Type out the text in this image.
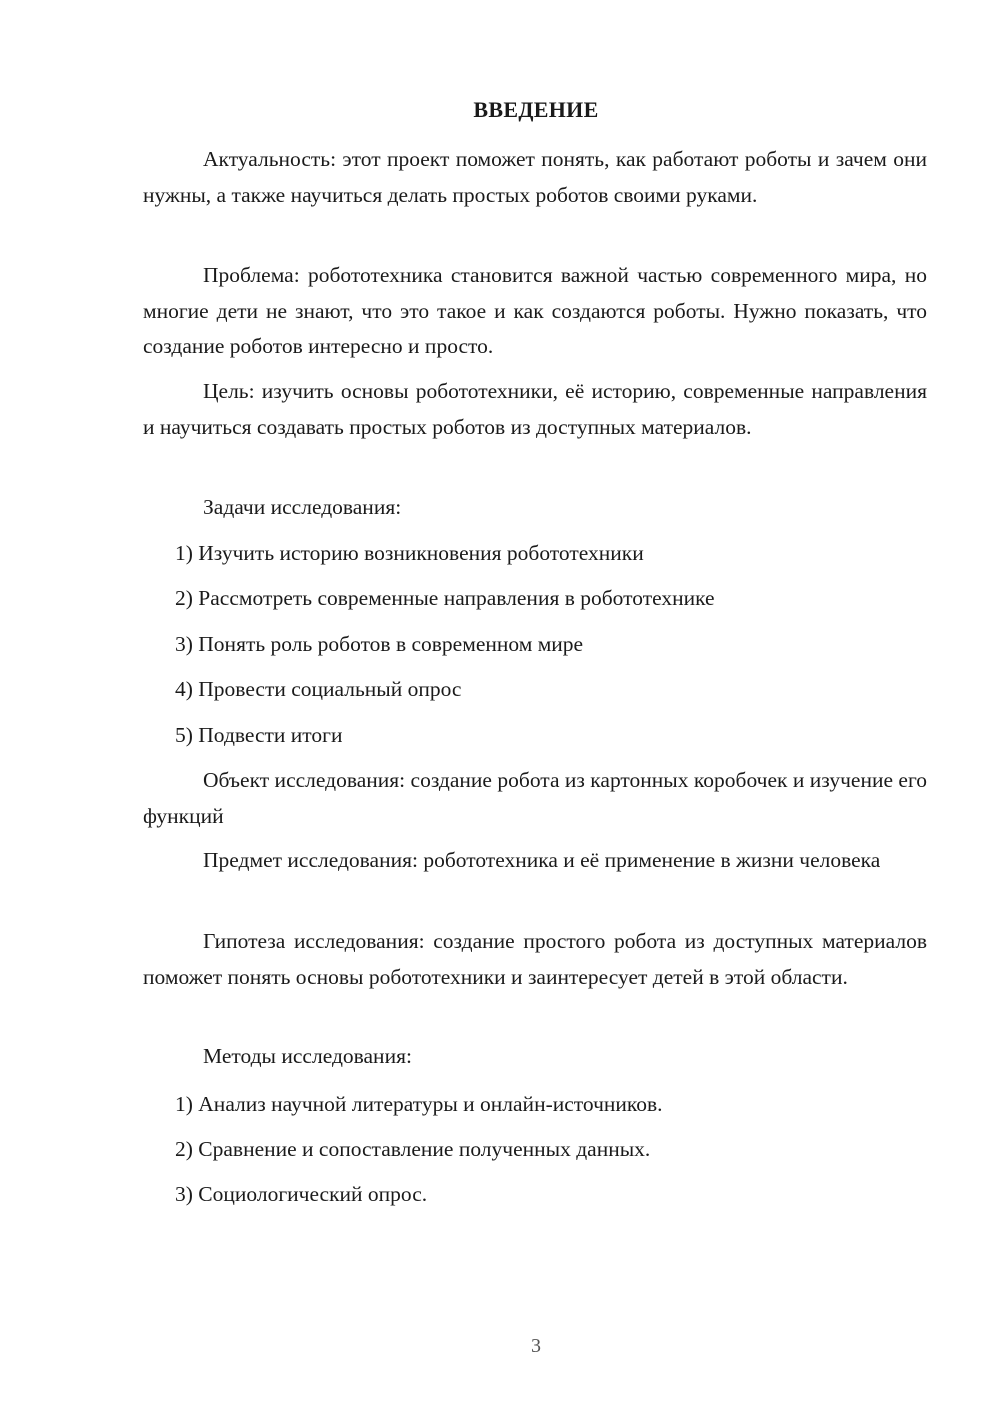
ВВЕДЕНИЕ
Актуальность: этот проект поможет понять, как работают роботы и зачем они нужны, а также научиться делать простых роботов своими руками.
Проблема: робототехника становится важной частью современного мира, но многие дети не знают, что это такое и как создаются роботы. Нужно показать, что создание роботов интересно и просто.
Цель: изучить основы робототехники, её историю, современные направления и научиться создавать простых роботов из доступных материалов.
Задачи исследования:
1) Изучить историю возникновения робототехники
2) Рассмотреть современные направления в робототехнике
3) Понять роль роботов в современном мире
4) Провести социальный опрос
5) Подвести итоги
Объект исследования: создание робота из картонных коробочек и изучение его функций
Предмет исследования: робототехника и её применение в жизни человека
Гипотеза исследования: создание простого робота из доступных материалов поможет понять основы робототехники и заинтересует детей в этой области.
Методы исследования:
1) Анализ научной литературы и онлайн-источников.
2) Сравнение и сопоставление полученных данных.
3) Социологический опрос.
3
